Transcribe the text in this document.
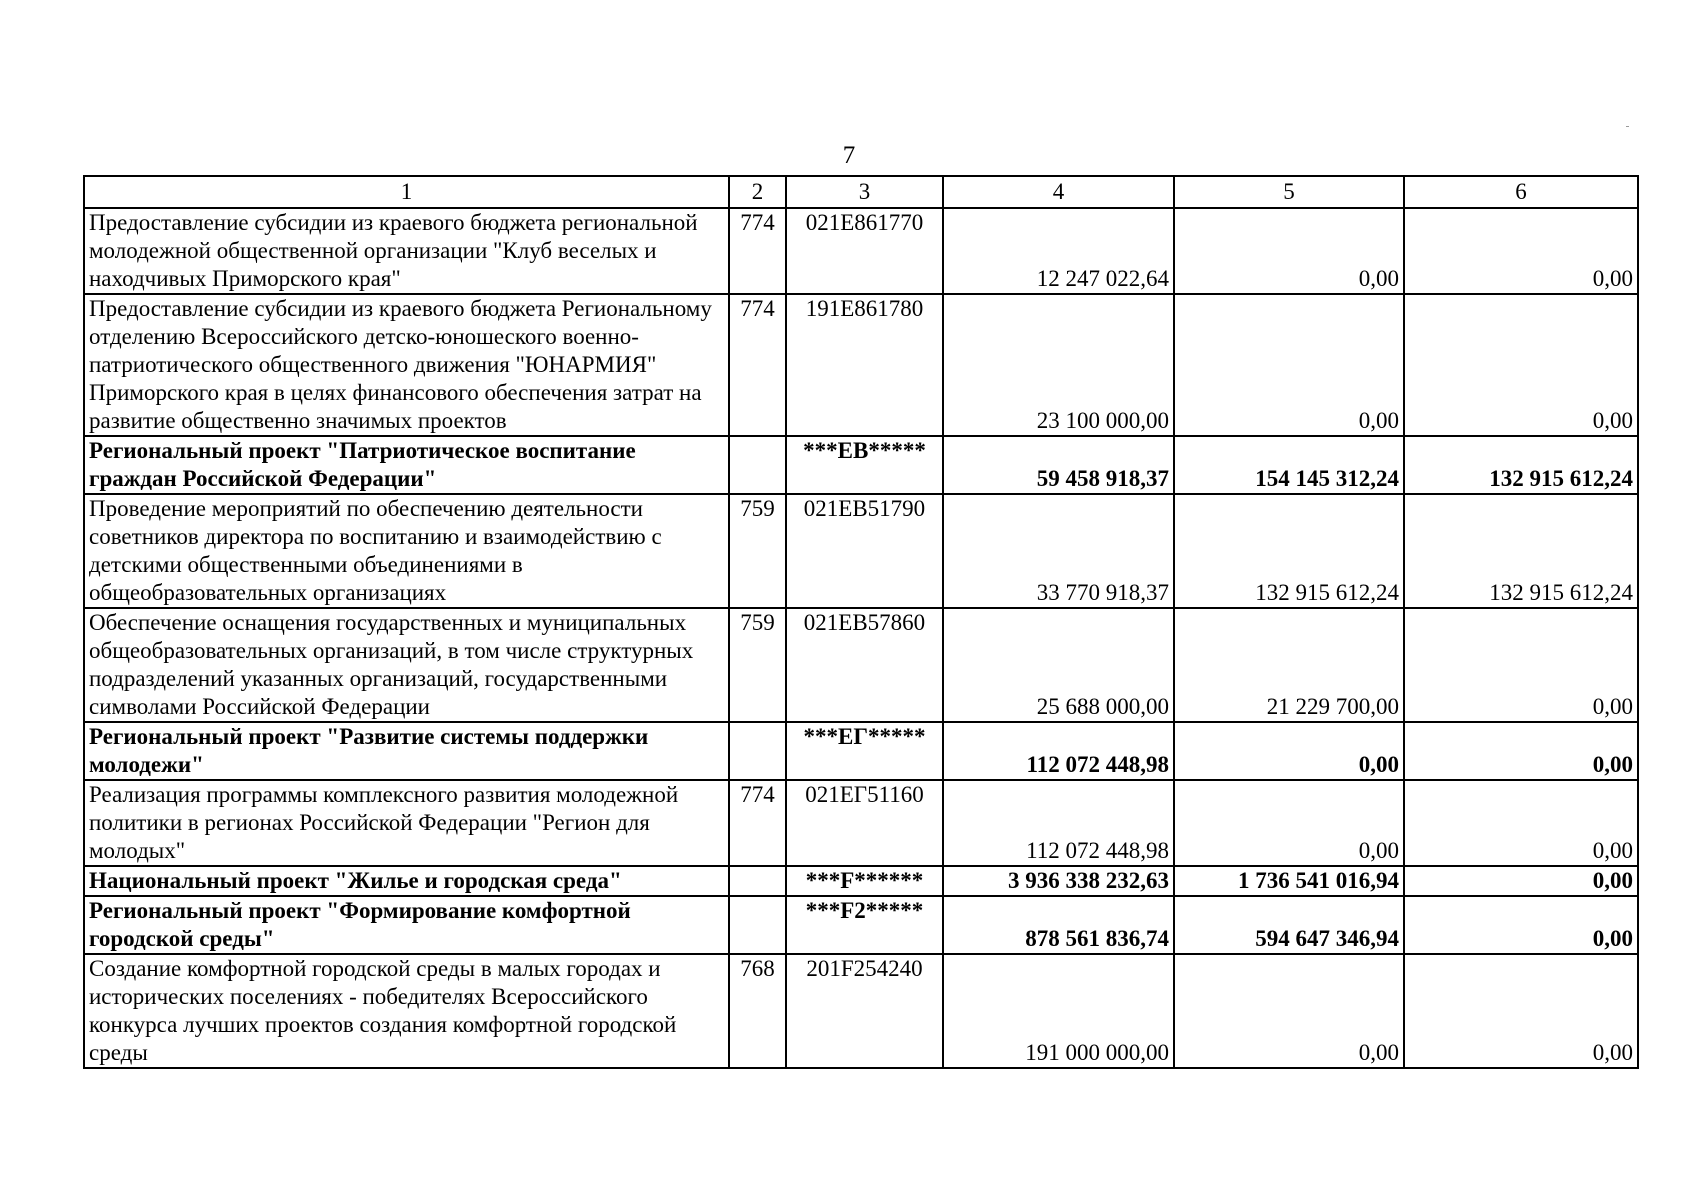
7
1	2	3	4	5	6
Предоставление субсидии из краевого бюджета региональной молодежной общественной организации "Клуб веселых и находчивых Приморского края"	774	021E861770	12 247 022,64	0,00	0,00
Предоставление субсидии из краевого бюджета Региональному отделению Всероссийского детско-юношеского военно-патриотического общественного движения "ЮНАРМИЯ" Приморского края в целях финансового обеспечения затрат на развитие общественно значимых проектов	774	191E861780	23 100 000,00	0,00	0,00
Региональный проект "Патриотическое воспитание граждан Российской Федерации"		***EB*****	59 458 918,37	154 145 312,24	132 915 612,24
Проведение мероприятий по обеспечению деятельности советников директора по воспитанию и взаимодействию с детскими общественными объединениями в общеобразовательных организациях	759	021EB51790	33 770 918,37	132 915 612,24	132 915 612,24
Обеспечение оснащения государственных и муниципальных общеобразовательных организаций, в том числе структурных подразделений указанных организаций, государственными символами Российской Федерации	759	021EB57860	25 688 000,00	21 229 700,00	0,00
Региональный проект "Развитие системы поддержки молодежи"		***EГ*****	112 072 448,98	0,00	0,00
Реализация программы комплексного развития молодежной политики в регионах Российской Федерации "Регион для молодых"	774	021EГ51160	112 072 448,98	0,00	0,00
Национальный проект "Жилье и городская среда"		***F******	3 936 338 232,63	1 736 541 016,94	0,00
Региональный проект "Формирование комфортной городской среды"		***F2*****	878 561 836,74	594 647 346,94	0,00
Создание комфортной городской среды в малых городах и исторических поселениях - победителях Всероссийского конкурса лучших проектов создания комфортной городской среды	768	201F254240	191 000 000,00	0,00	0,00
